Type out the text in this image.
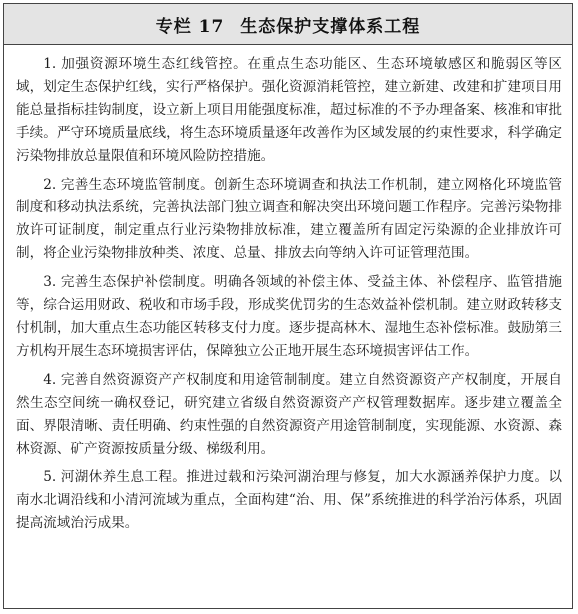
专栏 17 生态保护支撑体系工程

1. 加强资源环境生态红线管控。在重点生态功能区、生态环境敏感区和脆弱区等区域，划定生态保护红线，实行严格保护。强化资源消耗管控，建立新建、改建和扩建项目用能总量指标挂钩制度，设立新上项目用能强度标准，超过标准的不予办理备案、核准和审批手续。严守环境质量底线，将生态环境质量逐年改善作为区域发展的约束性要求，科学确定污染物排放总量限值和环境风险防控措施。

2. 完善生态环境监管制度。创新生态环境调查和执法工作机制，建立网格化环境监管制度和移动执法系统，完善执法部门独立调查和解决突出环境问题工作程序。完善污染物排放许可证制度，制定重点行业污染物排放标准，建立覆盖所有固定污染源的企业排放许可制，将企业污染物排放种类、浓度、总量、排放去向等纳入许可证管理范围。

3. 完善生态保护补偿制度。明确各领域的补偿主体、受益主体、补偿程序、监管措施等，综合运用财政、税收和市场手段，形成奖优罚劣的生态效益补偿机制。建立财政转移支付机制，加大重点生态功能区转移支付力度。逐步提高林木、湿地生态补偿标准。鼓励第三方机构开展生态环境损害评估，保障独立公正地开展生态环境损害评估工作。

4. 完善自然资源资产产权制度和用途管制制度。建立自然资源资产产权制度，开展自然生态空间统一确权登记，研究建立省级自然资源资产产权管理数据库。逐步建立覆盖全面、界限清晰、责任明确、约束性强的自然资源资产用途管制制度，实现能源、水资源、森林资源、矿产资源按质量分级、梯级利用。

5. 河湖休养生息工程。推进过载和污染河湖治理与修复，加大水源涵养保护力度。以南水北调沿线和小清河流域为重点，全面构建“治、用、保”系统推进的科学治污体系，巩固提高流域治污成果。
